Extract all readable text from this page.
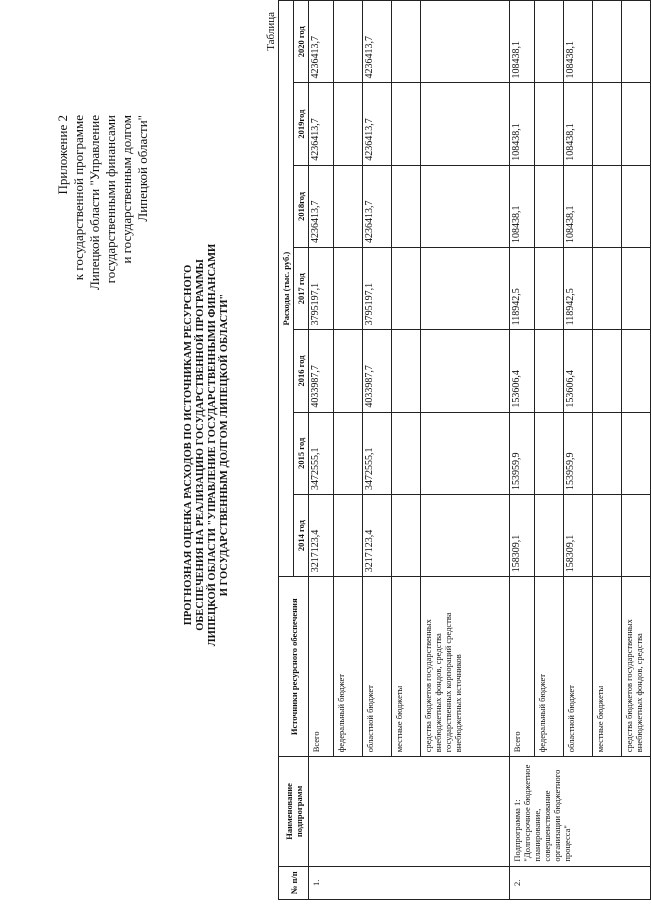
Приложение 2 к государственной программе Липецкой области "Управление государственными финансами и государственным долгом Липецкой области"
ПРОГНОЗНАЯ ОЦЕНКА РАСХОДОВ ПО ИСТОЧНИКАМ РЕСУРСНОГО ОБЕСПЕЧЕНИЯ НА РЕАЛИЗАЦИЮ ГОСУДАРСТВЕННОЙ ПРОГРАММЫ ЛИПЕЦКОЙ ОБЛАСТИ "УПРАВЛЕНИЕ ГОСУДАРСТВЕННЫМИ ФИНАНСАМИ И ГОСУДАРСТВЕННЫМ ДОЛГОМ ЛИПЕЦКОЙ ОБЛАСТИ"
Таблица
№ п/п	Наименование подпрограмм	Источники ресурсного обеспечения	Расходы (тыс. руб.)						
			2014 год	2015 год	2016 год	2017 год	2018год	2019год	2020 год
1.		Всего	3217123,4	3472555,1	4033987,7	3795197,1	4236413,7	4236413,7	4236413,7
		федеральный бюджет							
		областной бюджет	3217123,4	3472555,1	4033987,7	3795197,1	4236413,7	4236413,7	4236413,7
		местные бюджеты							
		средства бюджетов государственных внебюджетных фондов, средства государственных корпораций средства внебюджетных источников							
2.	Подпрограмма 1: "Долгосрочное бюджетное планирование, совершенствование организации бюджетного процесса"	Всего	158309,1	153959,9	153606,4	118942,5	108438,1	108438,1	108438,1
		федеральный бюджет							
		областной бюджет	158309,1	153959,9	153606,4	118942,5	108438,1	108438,1	108438,1
		местные бюджеты							
		средства бюджетов государственных внебюджетных фондов, средства							
